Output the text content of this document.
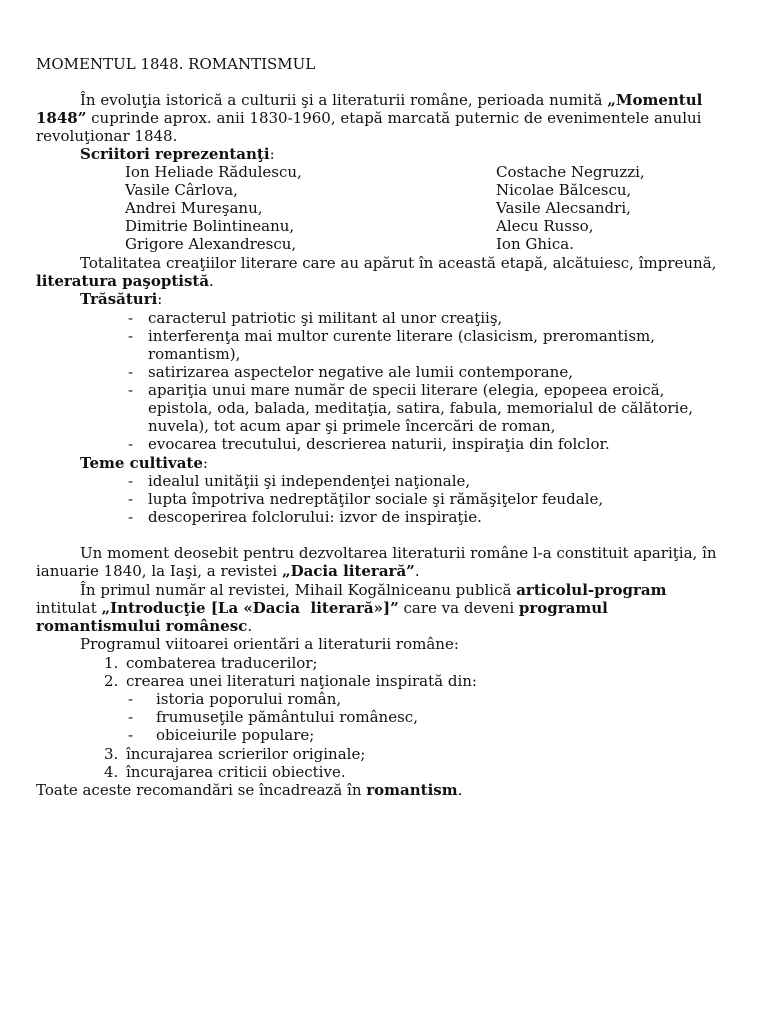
MOMENTUL 1848. ROMANTISMUL
În evoluţia istorică a culturii şi a literaturii române, perioada numită „Momentul
1848” cuprinde aprox. anii 1830-1960, etapă marcată puternic de evenimentele anului
revoluţionar 1848.
Scriitori reprezentanţi:
Ion Heliade Rădulescu,
Vasile Cârlova,
Andrei Mureşanu,
Dimitrie Bolintineanu,
Grigore Alexandrescu,
Costache Negruzzi,
Nicolae Bălcescu,
Vasile Alecsandri,
Alecu Russo,
Ion Ghica.
Totalitatea creaţiilor literare care au apărut în această etapă, alcătuiesc, împreună,
literatura paşoptistă.
Trăsături:
- caracterul patriotic şi militant al unor creaţiiş,
- interferenţa mai multor curente literare (clasicism, preromantism,
romantism),
- satirizarea aspectelor negative ale lumii contemporane,
- apariţia unui mare număr de specii literare (elegia, epopeea eroică,
epistola, oda, balada, meditaţia, satira, fabula, memorialul de călătorie,
nuvela), tot acum apar şi primele încercări de roman,
- evocarea trecutului, descrierea naturii, inspiraţia din folclor.
Teme cultivate:
- idealul unităţii şi independenţei naţionale,
- lupta împotriva nedreptăţilor sociale şi rămăşiţelor feudale,
- descoperirea folclorului: izvor de inspiraţie.
Un moment deosebit pentru dezvoltarea literaturii române l-a constituit apariţia, în
ianuarie 1840, la Iaşi, a revistei „Dacia literară”.
În primul număr al revistei, Mihail Kogălniceanu publică articolul-program
intitulat „Introducţie [La «Dacia  literară»]” care va deveni programul
romantismului românesc.
Programul viitoarei orientări a literaturii române:
1. combaterea traducerilor;
2. crearea unei literaturi naţionale inspirată din:
- istoria poporului român,
- frumuseţile pământului românesc,
- obiceiurile populare;
3. încurajarea scrierilor originale;
4. încurajarea criticii obiective.
Toate aceste recomandări se încadrează în romantism.
